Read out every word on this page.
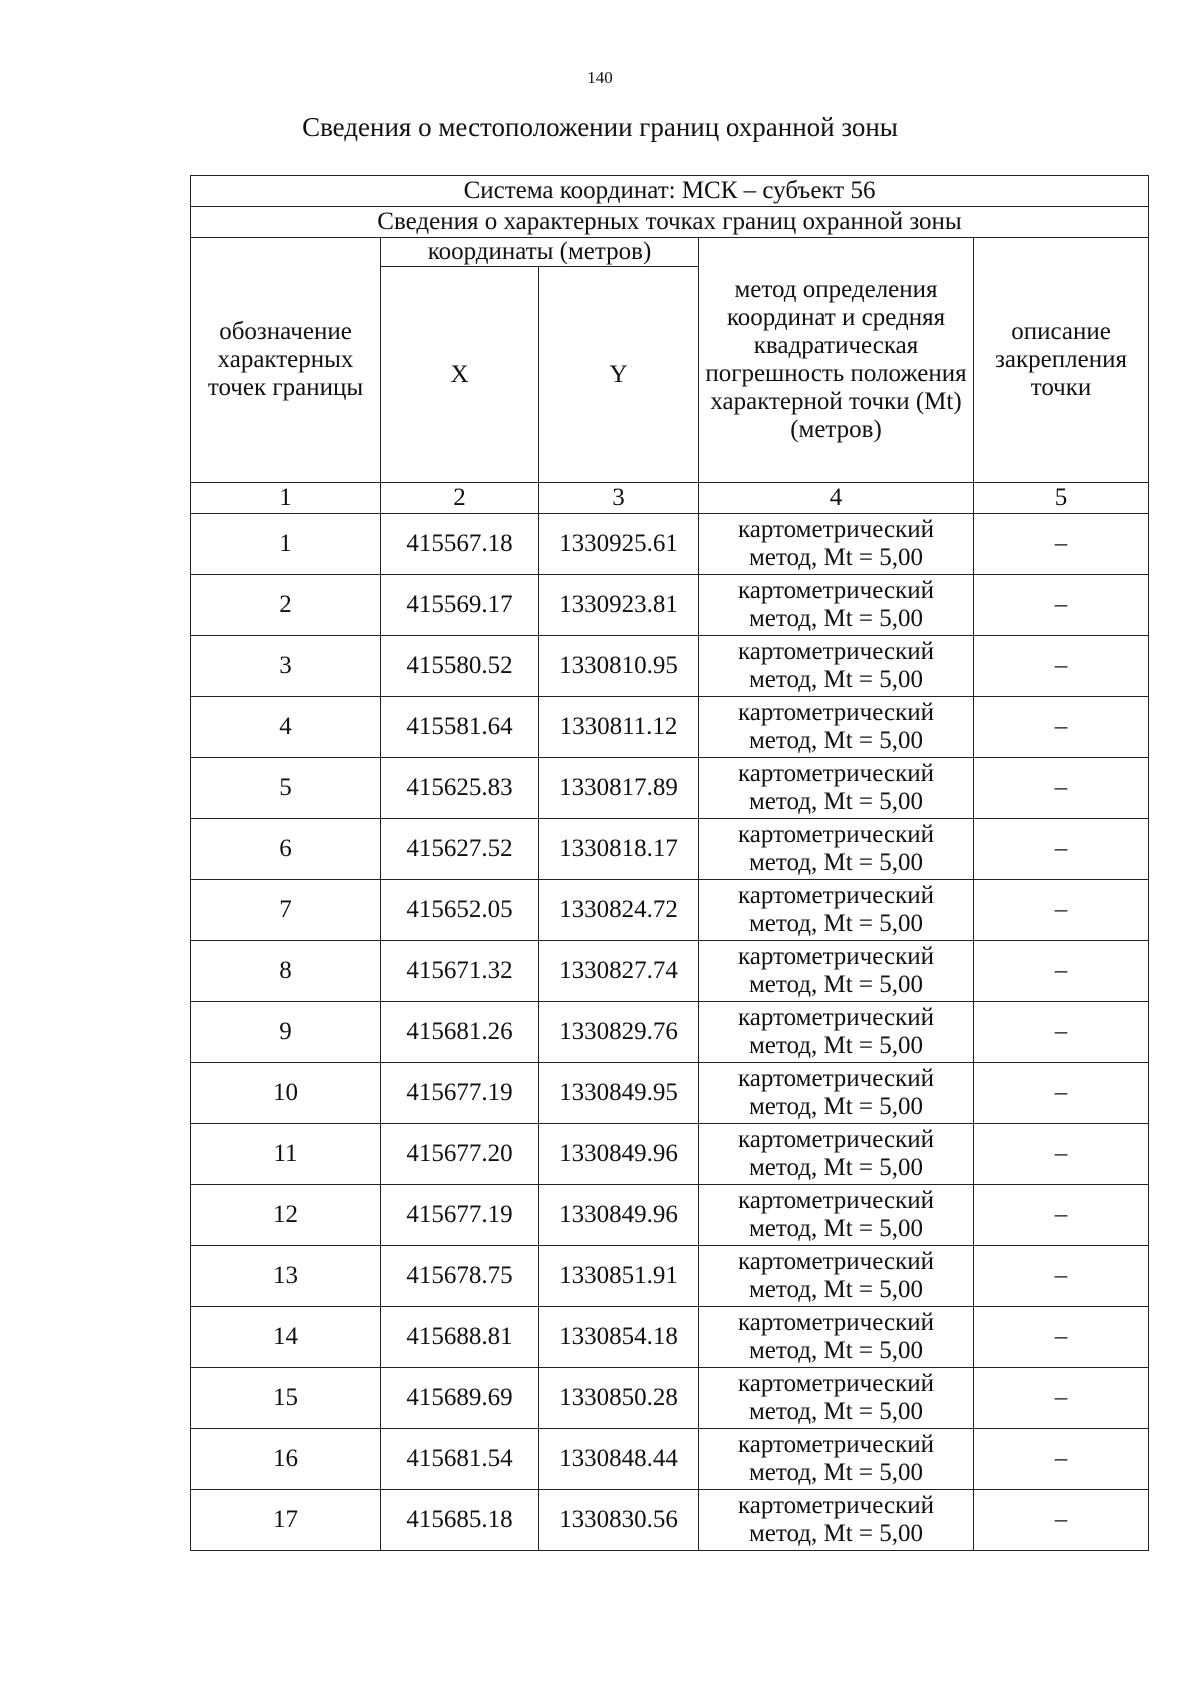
140
Сведения о местоположении границ охранной зоны
Система координат: МСК – субъект 56				
Сведения о характерных точках границ охранной зоны				
обозначение характерных точек границы	координаты (метров)		метод определения координат и средняя квадратическая погрешность положения характерной точки (Mt) (метров)	описание закрепления точки
	X	Y		
1	2	3	4	5
1	415567.18	1330925.61	картометрический метод, Mt = 5,00	–
2	415569.17	1330923.81	картометрический метод, Mt = 5,00	–
3	415580.52	1330810.95	картометрический метод, Mt = 5,00	–
4	415581.64	1330811.12	картометрический метод, Mt = 5,00	–
5	415625.83	1330817.89	картометрический метод, Mt = 5,00	–
6	415627.52	1330818.17	картометрический метод, Mt = 5,00	–
7	415652.05	1330824.72	картометрический метод, Mt = 5,00	–
8	415671.32	1330827.74	картометрический метод, Mt = 5,00	–
9	415681.26	1330829.76	картометрический метод, Mt = 5,00	–
10	415677.19	1330849.95	картометрический метод, Mt = 5,00	–
11	415677.20	1330849.96	картометрический метод, Mt = 5,00	–
12	415677.19	1330849.96	картометрический метод, Mt = 5,00	–
13	415678.75	1330851.91	картометрический метод, Mt = 5,00	–
14	415688.81	1330854.18	картометрический метод, Mt = 5,00	–
15	415689.69	1330850.28	картометрический метод, Mt = 5,00	–
16	415681.54	1330848.44	картометрический метод, Mt = 5,00	–
17	415685.18	1330830.56	картометрический метод, Mt = 5,00	–
